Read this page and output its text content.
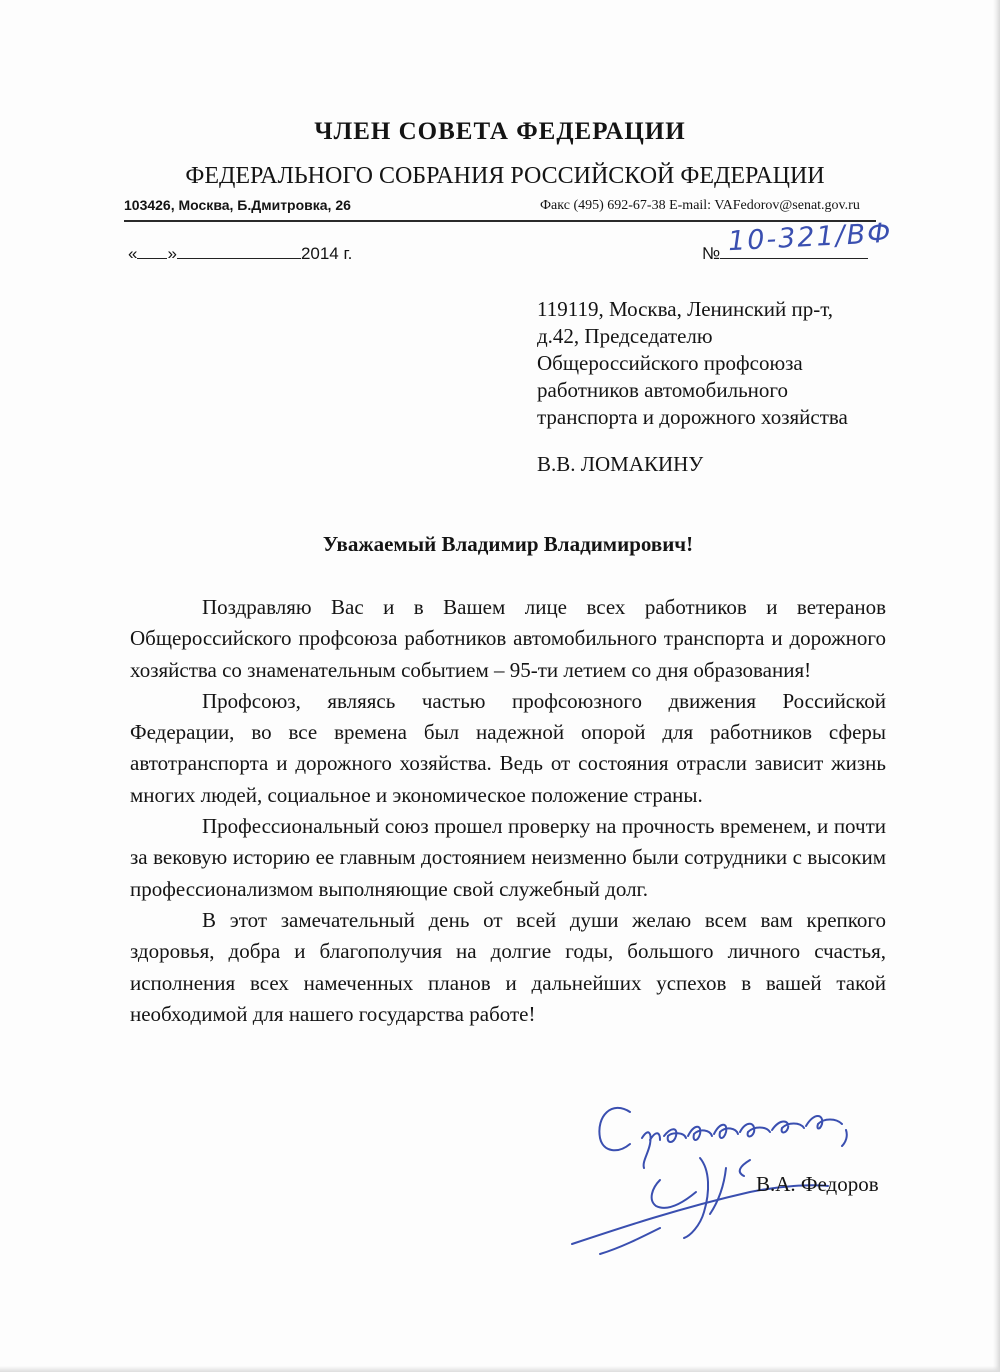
ЧЛЕН СОВЕТА ФЕДЕРАЦИИ
ФЕДЕРАЛЬНОГО СОБРАНИЯ РОССИЙСКОЙ ФЕДЕРАЦИИ
103426, Москва, Б.Дмитровка, 26	Факс (495) 692-67-38 E-mail: VAFedorov@senat.gov.ru
« »	2014 г.	№ 10-321/ВФ
119119, Москва, Ленинский пр-т,
д.42, Председателю
Общероссийского профсоюза
работников автомобильного
транспорта и дорожного хозяйства
В.В. ЛОМАКИНУ
Уважаемый Владимир Владимирович!

Поздравляю Вас и в Вашем лице всех работников и ветеранов Общероссийского профсоюза работников автомобильного транспорта и дорожного хозяйства со знаменательным событием – 95-ти летием со дня образования!

Профсоюз, являясь частью профсоюзного движения Российской Федерации, во все времена был надежной опорой для работников сферы автотранспорта и дорожного хозяйства. Ведь от состояния отрасли зависит жизнь многих людей, социальное и экономическое положение страны.

Профессиональный союз прошел проверку на прочность временем, и почти за вековую историю ее главным достоянием неизменно были сотрудники с высоким профессионализмом выполняющие свой служебный долг.

В этот замечательный день от всей души желаю всем вам крепкого здоровья, добра и благополучия на долгие годы, большого личного счастья, исполнения всех намеченных планов и дальнейших успехов в вашей такой необходимой для нашего государства работе!

В.А. Федоров
